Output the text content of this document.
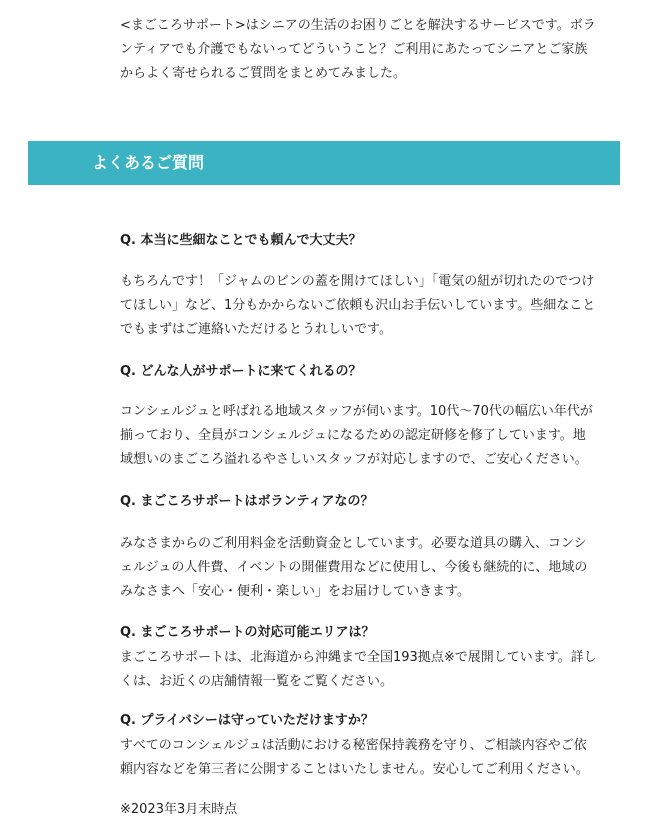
<まごころサポート>はシニアの生活のお困りごとを解決するサービスです。ボランティアでも介護でもないってどういうこと？ご利用にあたってシニアとご家族からよく寄せられるご質問をまとめてみました。

よくあるご質問

Q. 本当に些細なことでも頼んで大丈夫？

もちろんです！「ジャムのビンの蓋を開けてほしい」「電気の紐が切れたのでつけてほしい」など、1分もかからないご依頼も沢山お手伝いしています。些細なことでもまずはご連絡いただけるとうれしいです。

Q. どんな人がサポートに来てくれるの？

コンシェルジュと呼ばれる地域スタッフが伺います。10代〜70代の幅広い年代が揃っており、全員がコンシェルジュになるための認定研修を修了しています。地域想いのまごころ溢れるやさしいスタッフが対応しますので、ご安心ください。

Q. まごころサポートはボランティアなの？

みなさまからのご利用料金を活動資金としています。必要な道具の購入、コンシェルジュの人件費、イベントの開催費用などに使用し、今後も継続的に、地域のみなさまへ「安心・便利・楽しい」をお届けしていきます。

Q. まごころサポートの対応可能エリアは？

まごころサポートは、北海道から沖縄まで全国193拠点※で展開しています。詳しくは、お近くの店舗情報一覧をご覧ください。

Q. プライバシーは守っていただけますか？

すべてのコンシェルジュは活動における秘密保持義務を守り、ご相談内容やご依頼内容などを第三者に公開することはいたしません。安心してご利用ください。

※2023年3月末時点
